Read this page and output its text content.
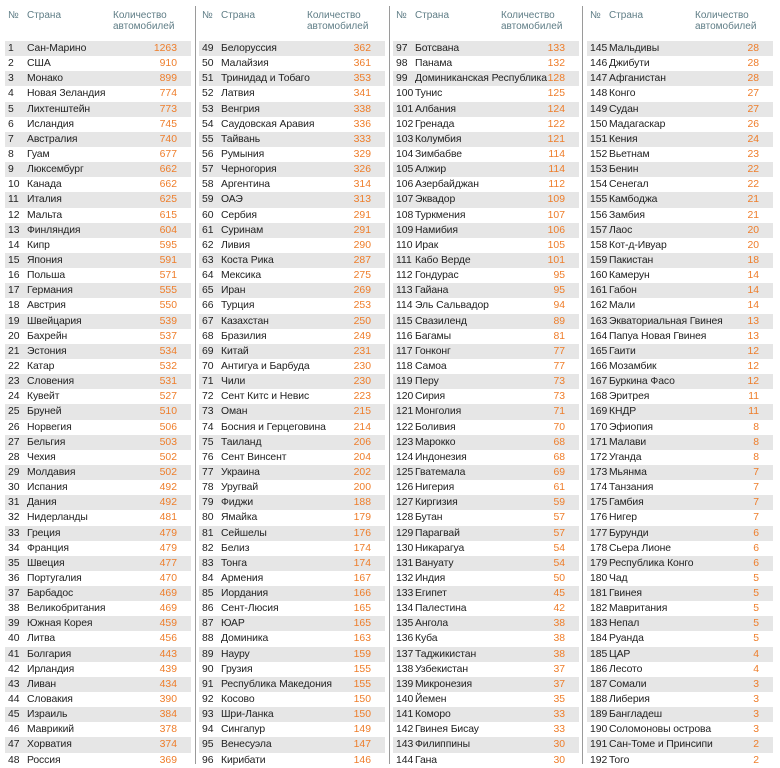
№ Страна	Количество автомобилей
1 Сан-Марино	1263
2 США	910
3 Монако	899
4 Новая Зеландия	774
5 Лихтенштейн	773
6 Исландия	745
7 Австралия	740
8 Гуам	677
9 Люксембург	662
10 Канада	662
11 Италия	625
12 Мальта	615
13 Финляндия	604
14 Кипр	595
15 Япония	591
16 Польша	571
17 Германия	555
18 Австрия	550
19 Швейцария	539
20 Бахрейн	537
21 Эстония	534
22 Катар	532
23 Словения	531
24 Кувейт	527
25 Бруней	510
26 Норвегия	506
27 Бельгия	503
28 Чехия	502
29 Молдавия	502
30 Испания	492
31 Дания	492
32 Нидерланды	481
33 Греция	479
34 Франция	479
35 Швеция	477
36 Португалия	470
37 Барбадос	469
38 Великобритания	469
39 Южная Корея	459
40 Литва	456
41 Болгария	443
42 Ирландия	439
43 Ливан	434
44 Словакия	390
45 Израиль	384
46 Маврикий	378
47 Хорватия	374
48 Россия	369
№ Страна	Количество автомобилей
49 Белоруссия	362
50 Малайзия	361
51 Тринидад и Тобаго	353
52 Латвия	341
53 Венгрия	338
54 Саудовская Аравия	336
55 Тайвань	333
56 Румыния	329
57 Черногория	326
58 Аргентина	314
59 ОАЭ	313
60 Сербия	291
61 Суринам	291
62 Ливия	290
63 Коста Рика	287
64 Мексика	275
65 Иран	269
66 Турция	253
67 Казахстан	250
68 Бразилия	249
69 Китай	231
70 Антигуа и Барбуда	230
71 Чили	230
72 Сент Китс и Невис	223
73 Оман	215
74 Босния и Герцеговина	214
75 Таиланд	206
76 Сент Винсент	204
77 Украина	202
78 Уругвай	200
79 Фиджи	188
80 Ямайка	179
81 Сейшелы	176
82 Белиз	174
83 Тонга	174
84 Армения	167
85 Иордания	166
86 Сент-Люсия	165
87 ЮАР	165
88 Доминика	163
89 Науру	159
90 Грузия	155
91 Республика Македония 155
92 Косово	150
93 Шри-Ланка	150
94 Сингапур	149
95 Венесуэла	147
96 Кирибати	146
№ Страна	Количество автомобилей
97 Ботсвана	133
98 Панама	132
99 Доминиканская Республика 128
100 Тунис	125
101 Албания	124
102 Гренада	122
103 Колумбия	121
104 Зимбабве	114
105 Алжир	114
106 Азербайджан	112
107 Эквадор	109
108 Туркмения	107
109 Намибия	106
110 Ирак	105
111 Кабо Верде	101
112 Гондурас	95
113 Гайана	95
114 Эль Сальвадор	94
115 Свазиленд	89
116 Багамы	81
117 Гонконг	77
118 Самоа	77
119 Перу	73
120 Сирия	73
121 Монголия	71
122 Боливия	70
123 Марокко	68
124 Индонезия	68
125 Гватемала	69
126 Нигерия	61
127 Киргизия	59
128 Бутан	57
129 Парагвай	57
130 Никарагуа	54
131 Вануату	54
132 Индия	50
133 Египет	45
134 Палестина	42
135 Ангола	38
136 Куба	38
137 Таджикистан	38
138 Узбекистан	37
139 Микронезия	37
140 Йемен	35
141 Коморо	33
142 Гвинея Бисау	33
143 Филиппины	30
144 Гана	30
№ Страна	Количество автомобилей
145 Мальдивы	28
146 Джибути	28
147 Афганистан	28
148 Конго	27
149 Судан	27
150 Мадагаскар	26
151 Кения	24
152 Вьетнам	23
153 Бенин	22
154 Сенегал	22
155 Камбоджа	21
156 Замбия	21
157 Лаос	20
158 Кот-д-Ивуар	20
159 Пакистан	18
160 Камерун	14
161 Габон	14
162 Мали	14
163 Экваториальная Гвинея 13
164 Папуа Новая Гвинея	13
165 Гаити	12
166 Мозамбик	12
167 Буркина Фасо	12
168 Эритрея	11
169 КНДР	11
170 Эфиопия	8
171 Малави	8
172 Уганда	8
173 Мьянма	7
174 Танзания	7
175 Гамбия	7
176 Нигер	7
177 Бурунди	6
178 Сьера Лионе	6
179 Республика Конго	6
180 Чад	5
181 Гвинея	5
182 Мавритания	5
183 Непал	5
184 Руанда	5
185 ЦАР	4
186 Лесото	4
187 Сомали	3
188 Либерия	3
189 Бангладеш	3
190 Соломоновы острова	3
191 Сан-Томе и Принсипи	2
192 Того	2
